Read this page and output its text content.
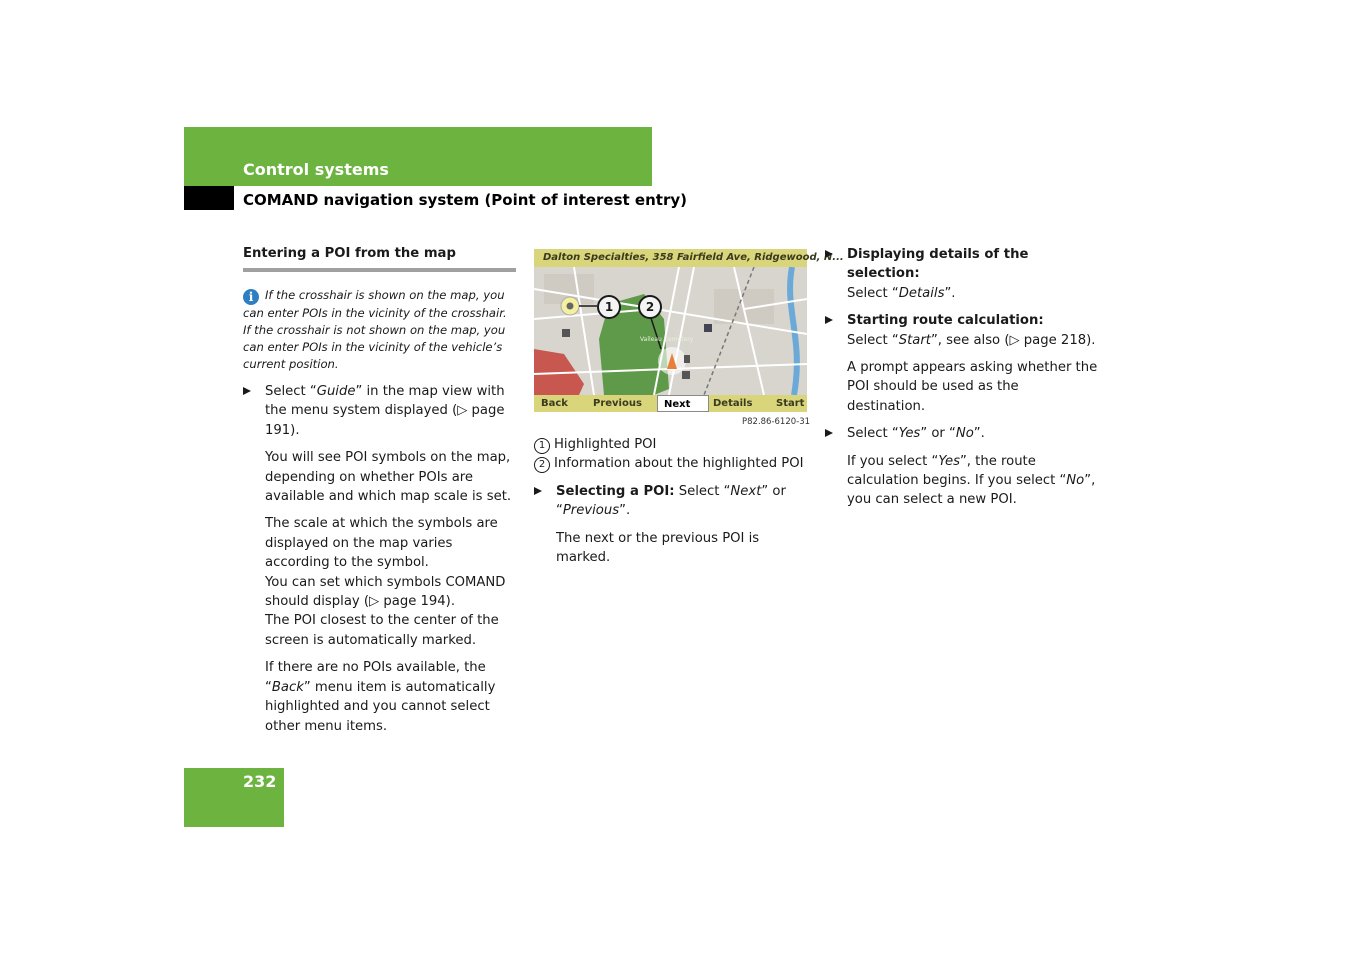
Control systems
COMAND navigation system (Point of interest entry)
Entering a POI from the map
i If the crosshair is shown on the map, you can enter POIs in the vicinity of the crosshair. If the crosshair is not shown on the map, you can enter POIs in the vicinity of the vehicle’s current position.
Select “Guide” in the map view with the menu system displayed (▷ page 191).
You will see POI symbols on the map, depending on whether POIs are available and which map scale is set.
The scale at which the symbols are displayed on the map varies according to the symbol.
You can set which symbols COMAND should display (▷ page 194).
The POI closest to the center of the screen is automatically marked.
If there are no POIs available, the “Back” menu item is automatically highlighted and you cannot select other menu items.
Dalton Specialties, 358 Fairfield Ave, Ridgewood, N...
Valleau Cemetery
1	2
Back	Previous	Next	Details Start
P82.86-6120-31
1 Highlighted POI
2 Information about the highlighted POI
Selecting a POI: Select “Next” or “Previous”.
The next or the previous POI is marked.
Displaying details of the selection:
Select “Details”.
Starting route calculation:
Select “Start”, see also (▷ page 218).
A prompt appears asking whether the POI should be used as the destination.
Select “Yes” or “No”.
If you select “Yes”, the route calculation begins. If you select “No”, you can select a new POI.
232
